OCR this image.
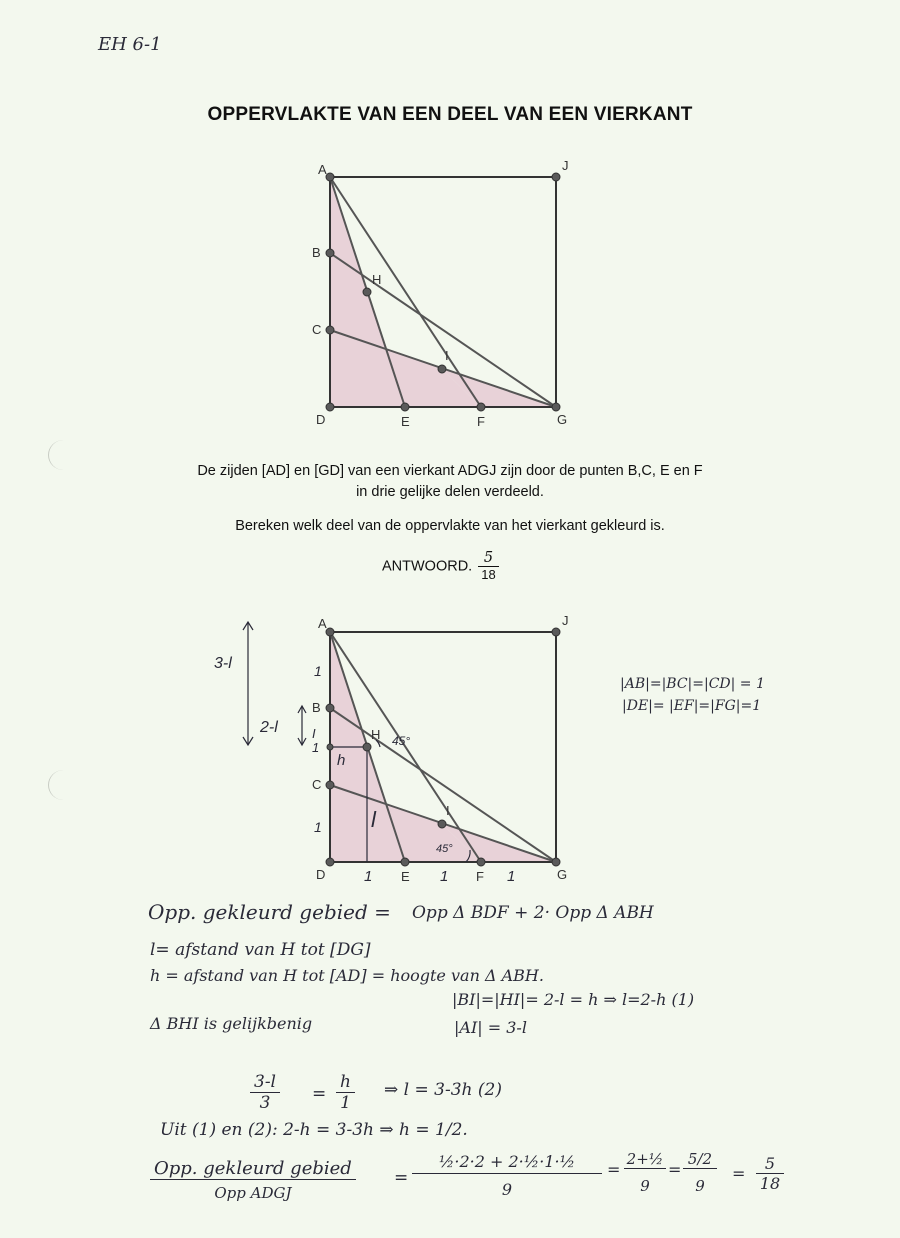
EH 6-1
OPPERVLAKTE VAN EEN DEEL VAN EEN VIERKANT
A	J
B
H
C
I
D	E	F	G
De zijden [AD] en [GD] van een vierkant ADGJ zijn door de punten B,C, E en F
in drie gelijke delen verdeeld.
Bereken welk deel van de oppervlakte van het vierkant gekleurd is.
ANTWOORD. $\frac{5}{18}$
A	J
B
H
C
I
D	E	F	G
1
1
1
I
h
l
45°
45°
1	1	1
3-l
2-l
|AB|=|BC|=|CD| = 1
|DE|= |EF|=|FG|=1
Opp. gekleurd gebied = Opp Δ BDF + 2· Opp Δ ABH
l= afstand van H tot [DG]
h = afstand van H tot [AD] = hoogte van Δ ABH.
Δ BHI is gelijkbenig
|BI|=|HI|= 2-l = h ⇒ l=2-h (1)
|AI| = 3-l
$\frac{3-l}{3} = \frac{h}{1}$ ⇒ l = 3-3h (2)
Uit (1) en (2): 2-h = 3-3h ⇒ h = 1/2.
Opp. gekleurd gebied
Opp ADGJ
= $\frac{\text{½·2·2 + 2·½·1·½}}{9} = \frac{\text{2+½}}{9} = \frac{5/2}{9} = \frac{5}{18}$
